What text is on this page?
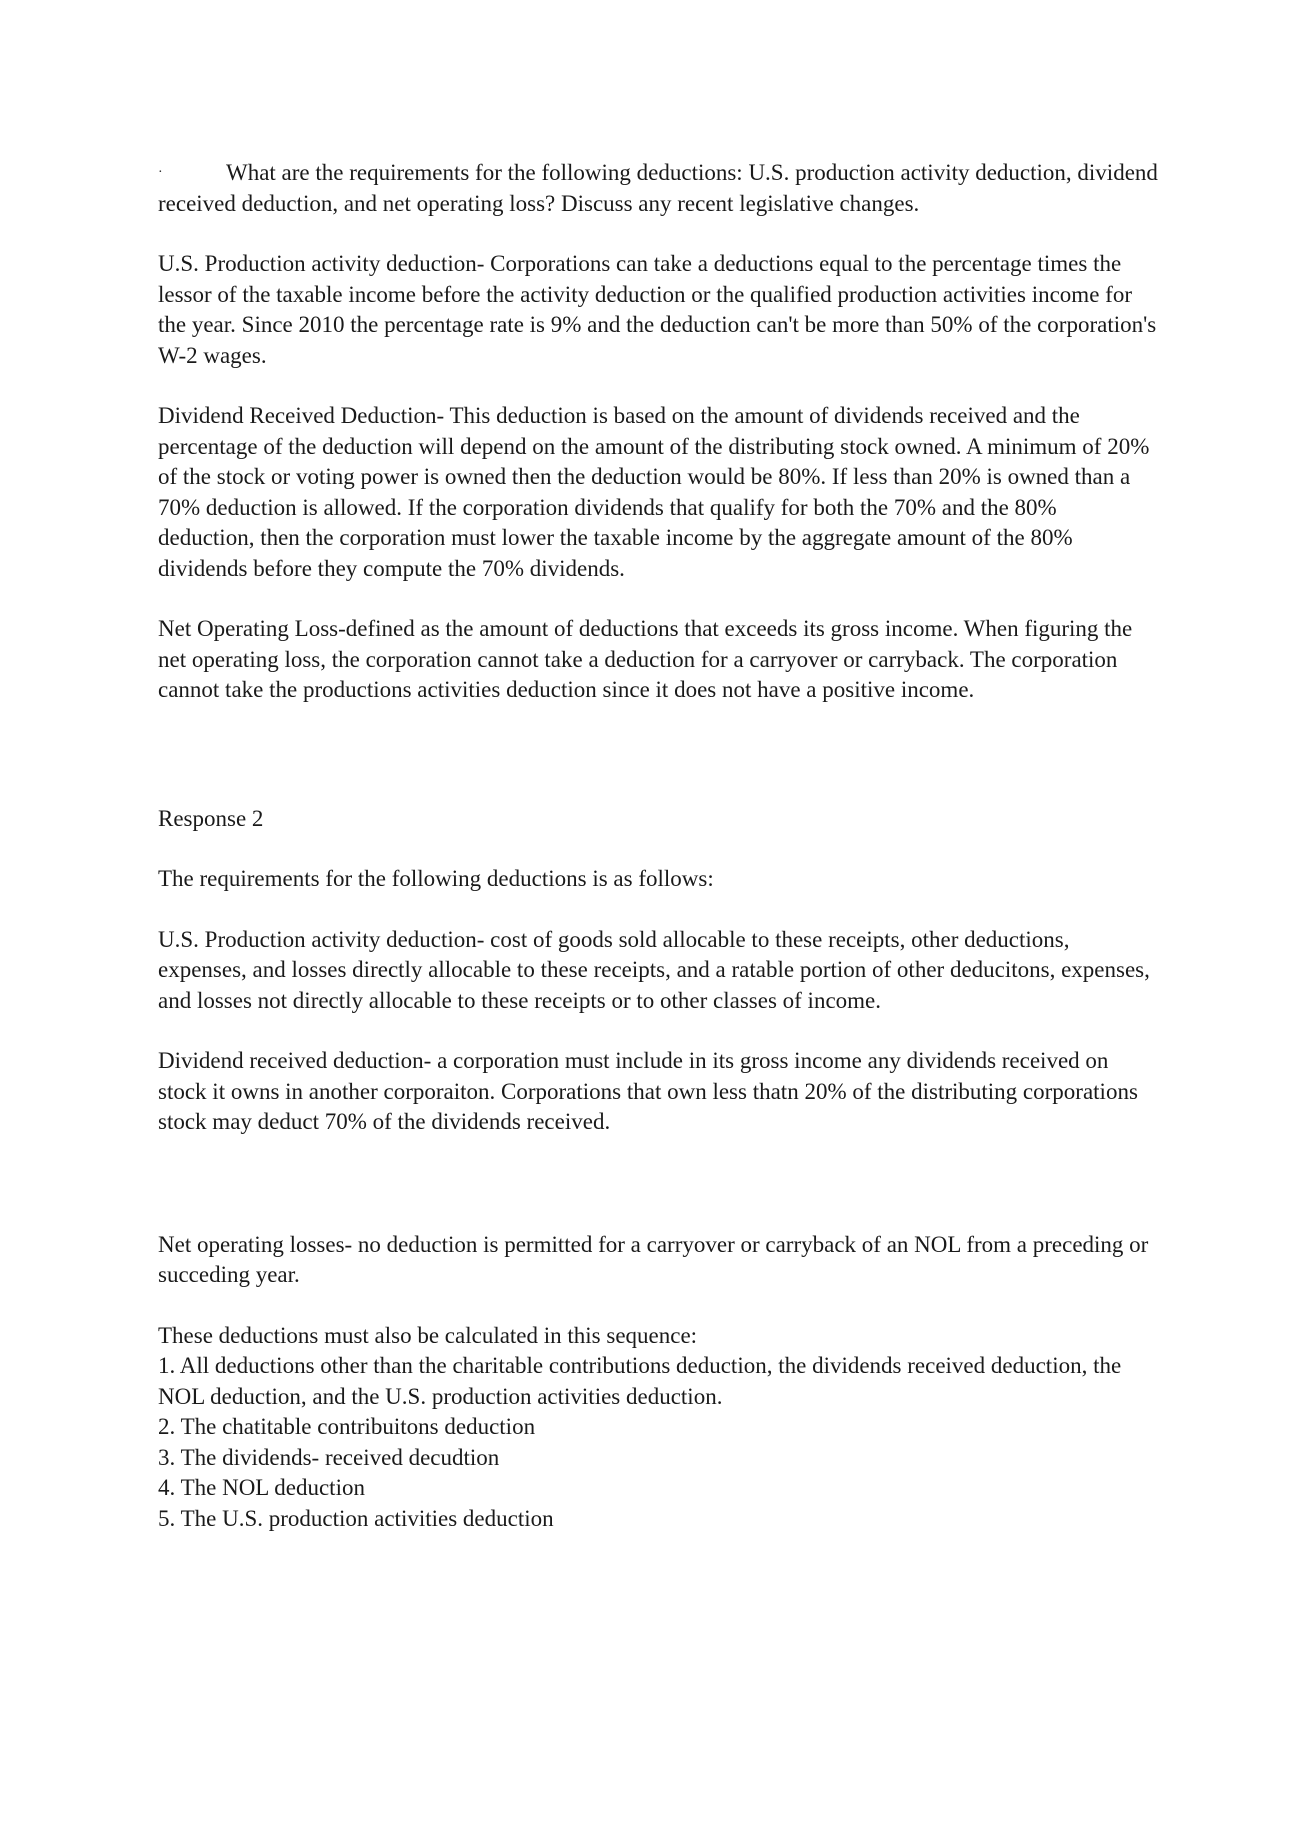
·	What are the requirements for the following deductions: U.S. production activity deduction, dividend received deduction, and net operating loss? Discuss any recent legislative changes.

U.S. Production activity deduction- Corporations can take a deductions equal to the percentage times the lessor of the taxable income before the activity deduction or the qualified production activities income for the year. Since 2010 the percentage rate is 9% and the deduction can't be more than 50% of the corporation's W-2 wages.

Dividend Received Deduction- This deduction is based on the amount of dividends received and the percentage of the deduction will depend on the amount of the distributing stock owned. A minimum of 20% of the stock or voting power is owned then the deduction would be 80%. If less than 20% is owned than a 70% deduction is allowed. If the corporation dividends that qualify for both the 70% and the 80% deduction, then the corporation must lower the taxable income by the aggregate amount of the 80% dividends before they compute the 70% dividends.

Net Operating Loss-defined as the amount of deductions that exceeds its gross income. When figuring the net operating loss, the corporation cannot take a deduction for a carryover or carryback. The corporation cannot take the productions activities deduction since it does not have a positive income.

Response 2

The requirements for the following deductions is as follows:

U.S. Production activity deduction- cost of goods sold allocable to these receipts, other deductions, expenses, and losses directly allocable to these receipts, and a ratable portion of other deducitons, expenses, and losses not directly allocable to these receipts or to other classes of income.

Dividend received deduction- a corporation must include in its gross income any dividends received on stock it owns in another corporaiton. Corporations that own less thatn 20% of the distributing corporations stock may deduct 70% of the dividends received.

Net operating losses- no deduction is permitted for a carryover or carryback of an NOL from a preceding or succeding year.

These deductions must also be calculated in this sequence:
1. All deductions other than the charitable contributions deduction, the dividends received deduction, the NOL deduction, and the U.S. production activities deduction.
2. The chatitable contribuitons deduction
3. The dividends- received decudtion
4. The NOL deduction
5. The U.S. production activities deduction
